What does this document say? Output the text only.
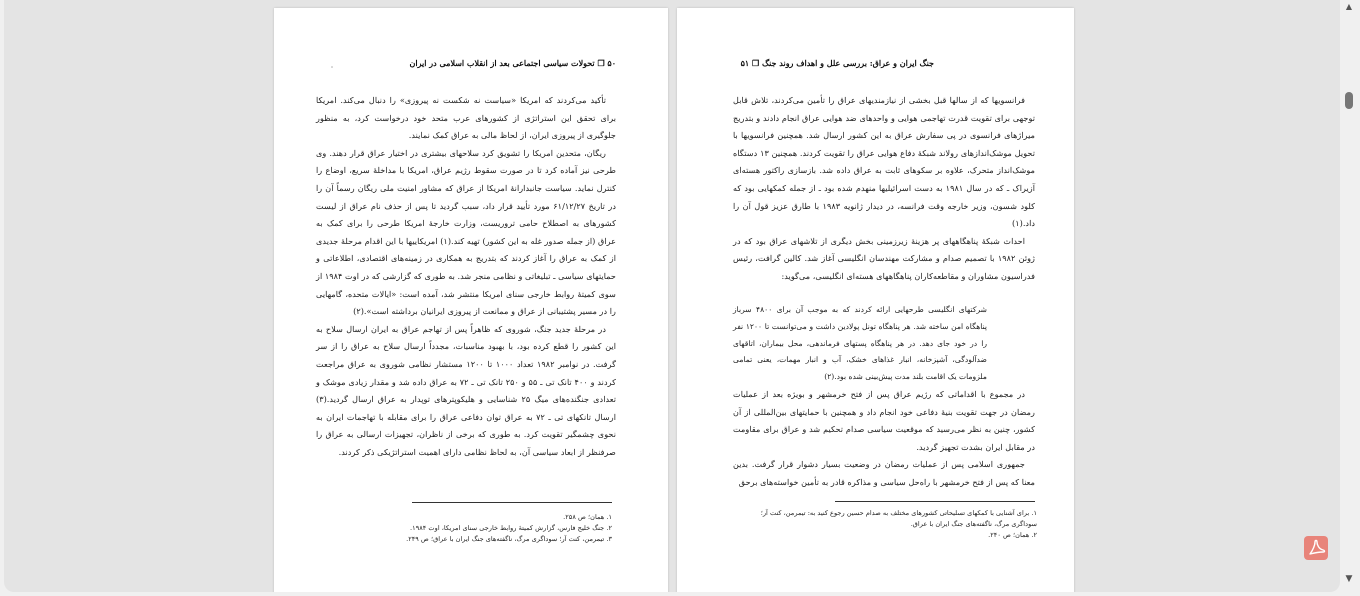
۵۰ ❐ تحولات سیاسی اجتماعی بعد از انقلاب اسلامی در ایران
˙

تأکید می‌کردند که امریکا «سیاست نه شکست نه پیروزی» را دنبال می‌کند. امریکا برای تحقق این استراتژی از کشورهای عرب متحد خود درخواست کرد، به منظور جلوگیری از پیروزی ایران، از لحاظ مالی به عراق کمک نمایند.

ریگان، متحدین امریکا را تشویق کرد سلاحهای بیشتری در اختیار عراق قرار دهند. وی طرحی نیز آماده کرد تا در صورت سقوط رژیم عراق، امریکا با مداخلهٔ سریع، اوضاع را کنترل نماید. سیاست جانبدارانهٔ امریکا از عراق که مشاور امنیت ملی ریگان رسماً آن را در تاریخ ۶۱/۱۲/۲۷ مورد تأیید قرار داد، سبب گردید تا پس از حذف نام عراق از لیست کشورهای به اصطلاح حامی تروریست، وزارت خارجهٔ امریکا طرحی را برای کمک به عراق (از جمله صدور غله به این کشور) تهیه کند.(۱) امریکاییها با این اقدام مرحلهٔ جدیدی از کمک به عراق را آغاز کردند که بتدریج به همکاری در زمینه‌های اقتصادی، اطلاعاتی و حمایتهای سیاسی ـ تبلیغاتی و نظامی منجر شد. به طوری که گزارشی که در اوت ۱۹۸۴ از سوی کمیتهٔ روابط خارجی سنای امریکا منتشر شد، آمده است: «ایالات متحده، گامهایی را در مسیر پشتیبانی از عراق و ممانعت از پیروزی ایرانیان برداشته است».(۲)

در مرحلهٔ جدید جنگ، شوروی که ظاهراً پس از تهاجم عراق به ایران ارسال سلاح به این کشور را قطع کرده بود، با بهبود مناسبات، مجدداً ارسال سلاح به عراق را از سر گرفت. در نوامبر ۱۹۸۲ تعداد ۱۰۰۰ تا ۱۲۰۰ مستشار نظامی شوروی به عراق مراجعت کردند و ۴۰۰ تانک تی ـ ۵۵ و ۲۵۰ تانک تی ـ ۷۲ به عراق داده شد و مقدار زیادی موشک و تعدادی جنگنده‌های میگ ۲۵ شناسایی و هلیکوپترهای توپدار به عراق ارسال گردید.(۳) ارسال تانکهای تی ـ ۷۲ به عراق توان دفاعی عراق را برای مقابله با تهاجمات ایران به نحوی چشمگیر تقویت کرد. به طوری که برخی از ناظران، تجهیزات ارسالی به عراق را صرفنظر از ابعاد سیاسی آن، به لحاظ نظامی دارای اهمیت استراتژیکی ذکر کردند.

۱. همان؛ ص ۲۵۸.
۲. جنگ خلیج فارس، گزارش کمیتهٔ روابط خارجی سنای امریکا، اوت ۱۹۸۴.
۳. تیمرمن، کنت آر؛ سوداگری مرگ، ناگفته‌های جنگ ایران با عراق؛ ص ۲۴۹.
جنگ ایران و عراق: بررسی علل و اهداف روند جنگ ❐ ۵۱

فرانسویها که از سالها قبل بخشی از نیازمندیهای عراق را تأمین می‌کردند، تلاش قابل توجهی برای تقویت قدرت تهاجمی هوایی و واحدهای ضد هوایی عراق انجام دادند و بتدریج میراژهای فرانسوی در پی سفارش عراق به این کشور ارسال شد. همچنین فرانسویها با تحویل موشک‌اندازهای رولاند شبکهٔ دفاع هوایی عراق را تقویت کردند. همچنین ۱۳ دستگاه موشک‌انداز متحرک، علاوه بر سکوهای ثابت به عراق داده شد. بازسازی راکتور هسته‌ای آزیراک ـ که در سال ۱۹۸۱ به دست اسرائیلیها منهدم شده بود ـ از جمله کمکهایی بود که کلود شسون، وزیر خارجه وقت فرانسه، در دیدار ژانویه ۱۹۸۳ با طارق عزیز قول آن را داد.(۱)

احداث شبکهٔ پناهگاههای پر هزینهٔ زیرزمینی بخش دیگری از تلاشهای عراق بود که در ژوئن ۱۹۸۲ با تصمیم صدام و مشارکت مهندسان انگلیسی آغاز شد. کالین گرافت، رئیس فدراسیون مشاوران و مقاطعه‌کاران پناهگاههای هسته‌ای انگلیسی، می‌گوید:

شرکتهای انگلیسی طرحهایی ارائه کردند که به موجب آن برای ۴۸۰۰ سرباز پناهگاه امن ساخته شد. هر پناهگاه تونل پولادین داشت و می‌توانست تا ۱۲۰۰ نفر را در خود جای دهد. در هر پناهگاه پستهای فرماندهی، محل بیماران، اتاقهای ضدآلودگی، آشپزخانه، انبار غذاهای خشک، آب و انبار مهمات، یعنی تمامی ملزومات یک اقامت بلند مدت پیش‌بینی شده بود.(۲)

در مجموع با اقداماتی که رژیم عراق پس از فتح خرمشهر و بویژه بعد از عملیات رمضان در جهت تقویت بنیهٔ دفاعی خود انجام داد و همچنین با حمایتهای بین‌المللی از آن کشور، چنین به نظر می‌رسید که موقعیت سیاسی صدام تحکیم شد و عراق برای مقاومت در مقابل ایران بشدت تجهیز گردید.

جمهوری اسلامی پس از عملیات رمضان در وضعیت بسیار دشوار قرار گرفت. بدین معنا که پس از فتح خرمشهر با راه‌حل سیاسی و مذاکره قادر به تأمین خواسته‌های برحق

۱. برای آشنایی با کمکهای تسلیحاتی کشورهای مختلف به صدام حسین رجوع کنید به: تیمرمن، کنت آر؛
سوداگری مرگ، ناگفته‌های جنگ ایران با عراق.
۲. همان؛ ص ۲۴۰.
▲
▼
